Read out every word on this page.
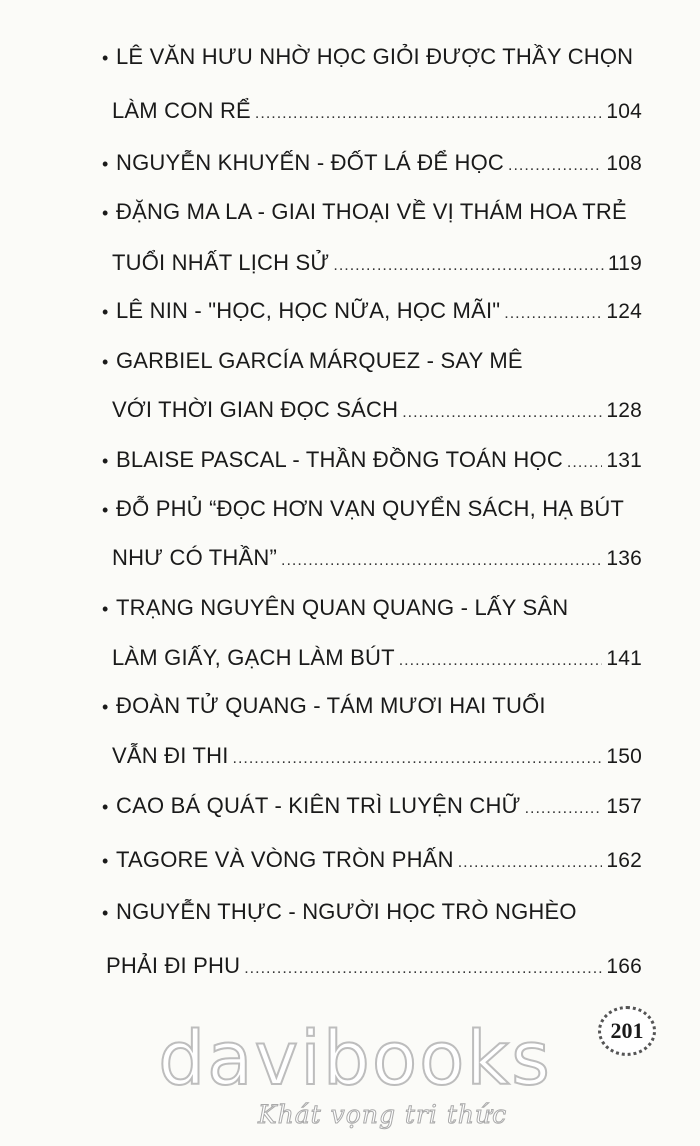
• LÊ VĂN HƯU NHỜ HỌC GIỎI ĐƯỢC THẦY CHỌN
LÀM CON RỂ .....	104
• NGUYỄN KHUYẾN - ĐỐT LÁ ĐỂ HỌC .....	108
• ĐẶNG MA LA - GIAI THOẠI VỀ VỊ THÁM HOA TRẺ
TUỔI NHẤT LỊCH SỬ .....	119
• LÊ NIN - "HỌC, HỌC NỮA, HỌC MÃI" .....	124
• GARBIEL GARCÍA MÁRQUEZ - SAY MÊ
VỚI THỜI GIAN ĐỌC SÁCH .....	128
• BLAISE PASCAL - THẦN ĐỒNG TOÁN HỌC ..... 131
• ĐỖ PHỦ “ĐỌC HƠN VẠN QUYỂN SÁCH, HẠ BÚT
NHƯ CÓ THẦN” .....	136
• TRẠNG NGUYÊN QUAN QUANG - LẤY SÂN
LÀM GIẤY, GẠCH LÀM BÚT .....	141
• ĐOÀN TỬ QUANG - TÁM MƯƠI HAI TUỔI
VẪN ĐI THI .....	150
• CAO BÁ QUÁT - KIÊN TRÌ LUYỆN CHỮ .....	157
• TAGORE VÀ VÒNG TRÒN PHẤN .....	162
• NGUYỄN THỰC - NGƯỜI HỌC TRÒ NGHÈO
PHẢI ĐI PHU .....	166
201
davibooks
Khát vọng tri thức
